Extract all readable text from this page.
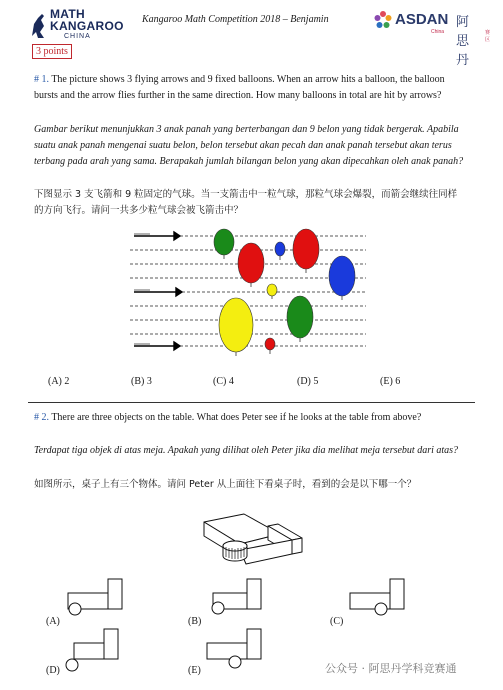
MATH
KANGAROO
CHINA
Kangaroo Math Competition 2018 – Benjamin	ASDAN 阿思丹
China	赛区
3 points
# 1. The picture shows 3 flying arrows and 9 fixed balloons. When an arrow hits a balloon, the balloon bursts and the arrow flies further in the same direction. How many balloons in total are hit by arrows?
Gambar berikut menunjukkan 3 anak panah yang berterbangan dan 9 belon yang tidak bergerak. Apabila suatu anak panah mengenai suatu belon, belon tersebut akan pecah dan anak panah tersebut akan terus terbang pada arah yang sama. Berapakah jumlah bilangan belon yang akan dipecahkan oleh anak panah?
下图显示 3 支飞箭和 9 粒固定的气球。当一支箭击中一粒气球，那粒气球会爆裂，而箭会继续往同样的方向飞行。请问一共多少粒气球会被飞箭击中？
(A) 2	(B) 3	(C) 4	(D) 5	(E) 6
# 2. There are three objects on the table. What does Peter see if he looks at the table from above?
Terdapat tiga objek di atas meja. Apakah yang dilihat oleh Peter jika dia melihat meja tersebut dari atas?
如图所示，桌子上有三个物体。请问 Peter 从上面往下看桌子时，看到的会是以下哪一个？
(A)	(B)	(C)
(D)	(E)	公众号 · 阿思丹学科竞赛通
